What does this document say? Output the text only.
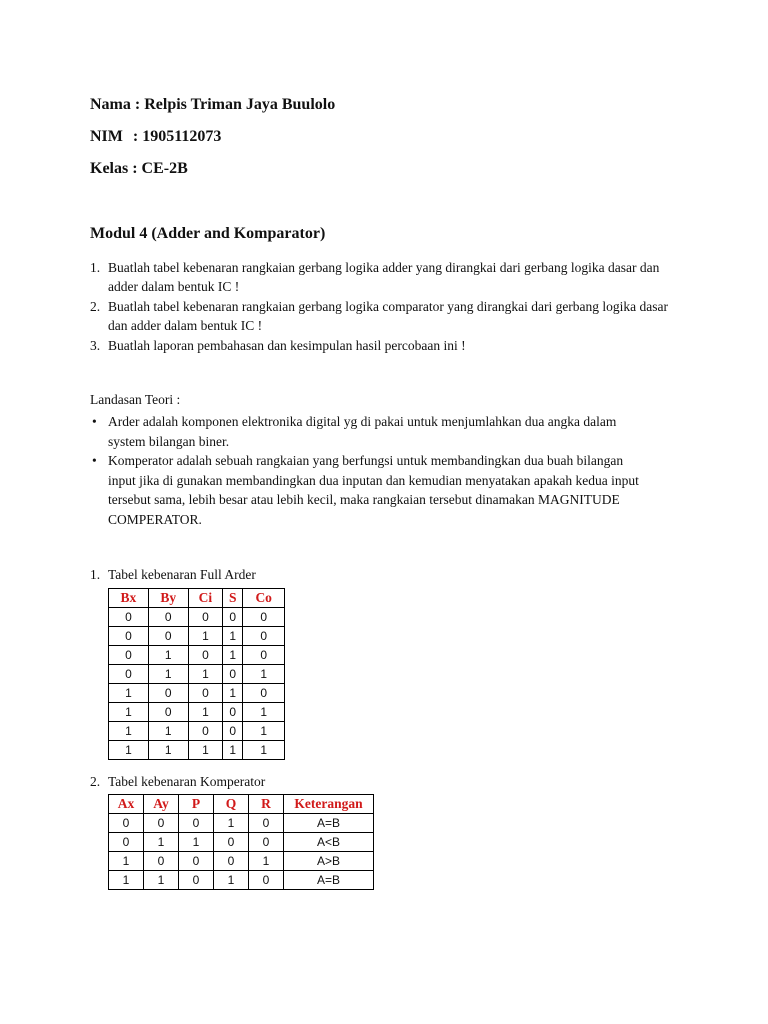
Nama : Relpis Triman Jaya Buulolo
NIM : 1905112073
Kelas : CE-2B
Modul 4 (Adder and Komparator)
1. Buatlah tabel kebenaran rangkaian gerbang logika adder yang dirangkai dari gerbang logika dasar dan adder dalam bentuk IC !
2. Buatlah tabel kebenaran rangkaian gerbang logika comparator yang dirangkai dari gerbang logika dasar dan adder dalam bentuk IC !
3. Buatlah laporan pembahasan dan kesimpulan hasil percobaan ini !
Landasan Teori :
• Arder adalah komponen elektronika digital yg di pakai untuk menjumlahkan dua angka dalam system bilangan biner.
• Komperator adalah sebuah rangkaian yang berfungsi untuk membandingkan dua buah bilangan input jika di gunakan membandingkan dua inputan dan kemudian menyatakan apakah kedua input tersebut sama, lebih besar atau lebih kecil, maka rangkaian tersebut dinamakan MAGNITUDE COMPERATOR.
1. Tabel kebenaran Full Arder
Bx	By	Ci	S	Co
0	0	0	0	0
0	0	1	1	0
0	1	0	1	0
0	1	1	0	1
1	0	0	1	0
1	0	1	0	1
1	1	0	0	1
1	1	1	1	1
2. Tabel kebenaran Komperator
Ax	Ay	P	Q	R	Keterangan
0	0	0	1	0	A=B
0	1	1	0	0	A<B
1	0	0	0	1	A>B
1	1	0	1	0	A=B
